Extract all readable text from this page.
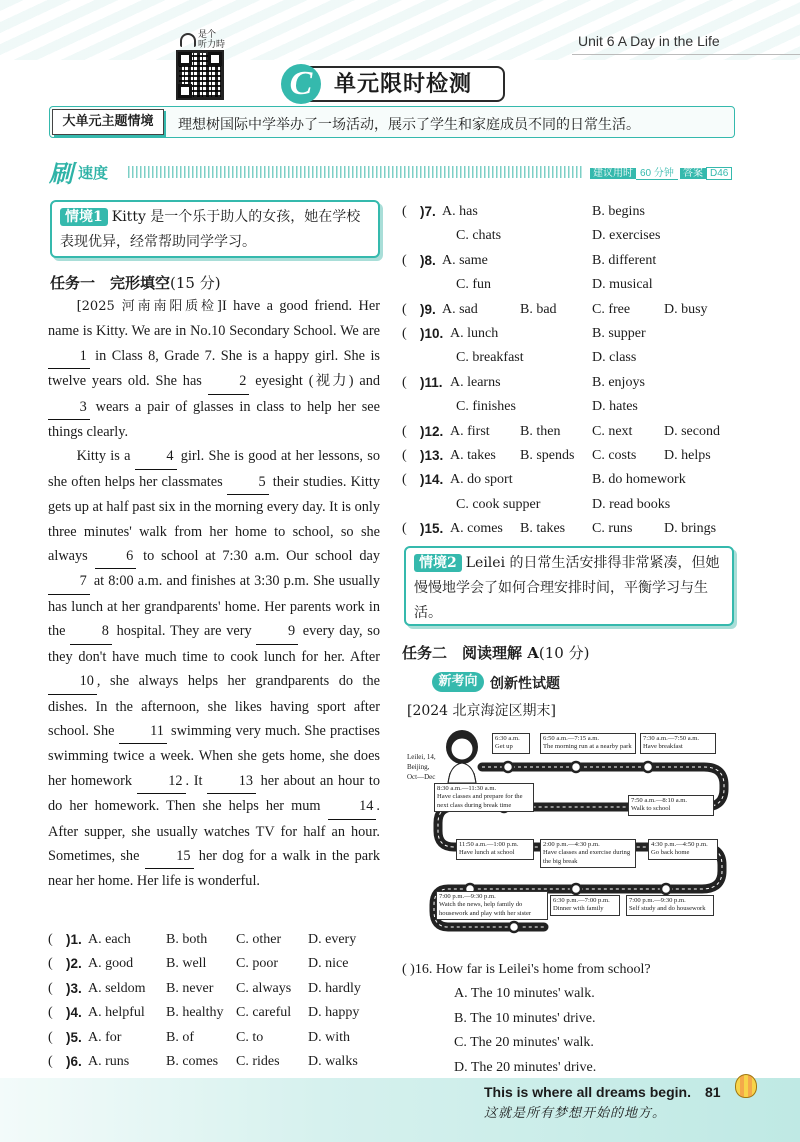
Unit 6 A Day in the Life
是个
听力時
单元限时检测
C
大单元主题情境	理想树国际中学举办了一场活动，展示了学生和家庭成员不同的日常生活。
刷 速度	建议用时 60 分钟 答案 D46
情境1 Kitty 是一个乐于助人的女孩，她在学校表现优异，经常帮助同学学习。
任务一　完形填空(15 分)

[2025 河南南阳质检]I have a good friend. Her name is Kitty. We are in No.10 Secondary School. We are 1 in Class 8, Grade 7. She is a happy girl. She is twelve years old. She has 2 eyesight (视力) and 3 wears a pair of glasses in class to help her see things clearly.

Kitty is a 4 girl. She is good at her lessons, so she often helps her classmates 5 their studies. Kitty gets up at half past six in the morning every day. It is only three minutes' walk from her home to school, so she always 6 to school at 7:30 a.m. Our school day 7 at 8:00 a.m. and finishes at 3:30 p.m. She usually has lunch at her grandparents' home. Her parents work in the 8 hospital. They are very 9 every day, so they don't have much time to cook lunch for her. After 10 , she always helps her grandparents do the dishes. In the afternoon, she likes having sport after school. She 11 swimming very much. She practises swimming twice a week. When she gets home, she does her homework 12 . It 13 her about an hour to do her homework. Then she helps her mum 14 . After supper, she usually watches TV for half an hour. Sometimes, she 15 her dog for a walk in the park near her home. Her life is wonderful.

( )1. A. each	B. both C. other D. every
( )2. A. good B. well C. poor D. nice
( )3. A. seldom B. never C. always D. hardly
( )4. A. helpful B. healthy C. careful D. happy
( )5. A. for	B. of	C. to	D. with
( )6. A. runs	B. comes C. rides D. walks
( )7. A. has	B. begins
C. chats	D. exercises
( )8. A. same	B. different
C. fun	D. musical
( )9. A. sad	B. bad	C. free D. busy
( )10. A. lunch	B. supper
C. breakfast	D. class
( )11. A. learns	B. enjoys
C. finishes	D. hates
( )12. A. first B. then C. next D. second
( )13. A. takes B. spends C. costs D. helps
( )14. A. do sport	B. do homework
C. cook supper	D. read books
( )15. A. comes B. takes C. runs D. brings
情境2 Leilei 的日常生活安排得非常紧凑，但她慢慢地学会了如何合理安排时间，平衡学习与生活。
任务二　阅读理解 A(10 分)
新考向 创新性试题
[2024 北京海淀区期末]
6:30 a.m.
Get up
6:50 a.m.—7:15 a.m.
The morning run at a nearby park
7:30 a.m.—7:50 a.m.
Have breakfast
7:50 a.m.—8:10 a.m.
Walk to school
8:30 a.m.—11:30 a.m.
Have classes and prepare for the next class during break time
11:50 a.m.—1:00 p.m.
Have lunch at school
2:00 p.m.—4:30 p.m.
Have classes and exercise during the big break
4:30 p.m.—4:50 p.m.
Go back home
7:00 p.m.—9:30 p.m.
Watch the news, help family do housework and play with her sister
6:30 p.m.—7:00 p.m.
Dinner with family
7:00 p.m.—9:30 p.m.
Self study and do housework
Leilei, 14,
Beijing,
Oct—Dec
( )16. How far is Leilei's home from school?
A. The 10 minutes' walk.
B. The 10 minutes' drive.
C. The 20 minutes' walk.
D. The 20 minutes' drive.
This is where all dreams begin.
这就是所有梦想开始的地方。
81
